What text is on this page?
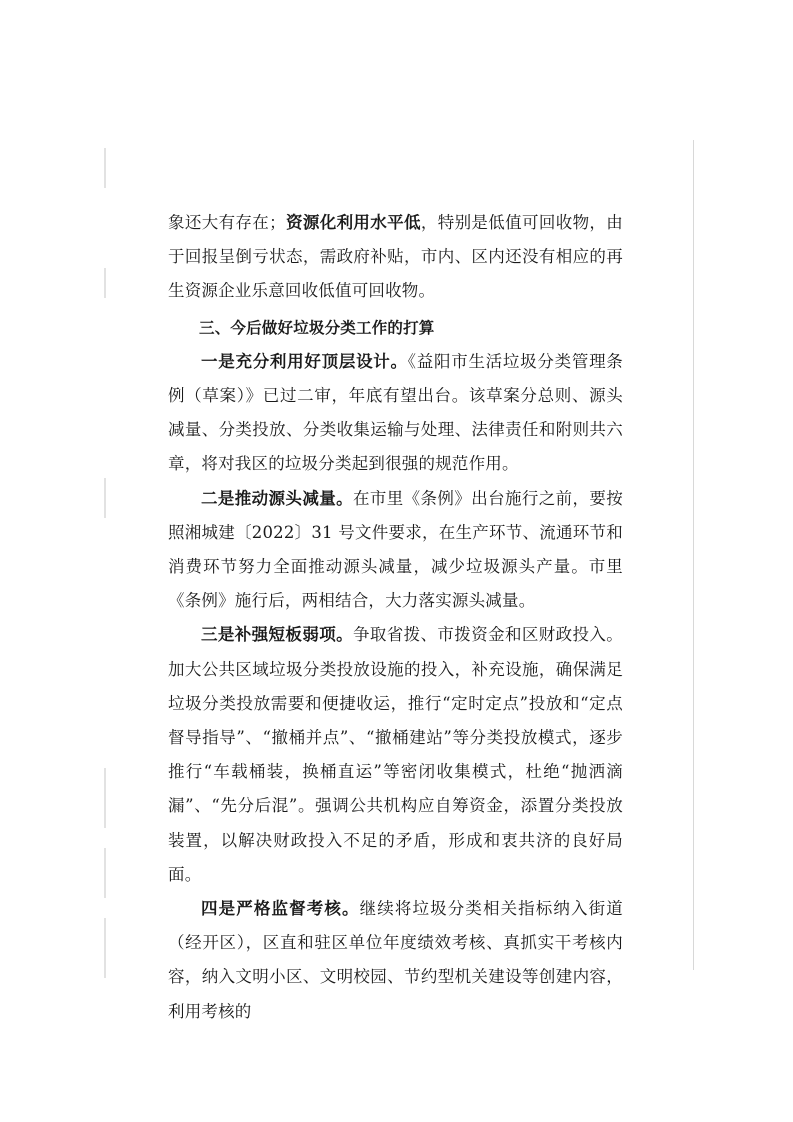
象还大有存在；资源化利用水平低，特别是低值可回收物，由于回报呈倒亏状态，需政府补贴，市内、区内还没有相应的再生资源企业乐意回收低值可回收物。

三、今后做好垃圾分类工作的打算

一是充分利用好顶层设计。《益阳市生活垃圾分类管理条例（草案）》已过二审，年底有望出台。该草案分总则、源头减量、分类投放、分类收集运输与处理、法律责任和附则共六章，将对我区的垃圾分类起到很强的规范作用。

二是推动源头减量。在市里《条例》出台施行之前，要按照湘城建〔2022〕31 号文件要求，在生产环节、流通环节和消费环节努力全面推动源头减量，减少垃圾源头产量。市里《条例》施行后，两相结合，大力落实源头减量。

三是补强短板弱项。争取省拨、市拨资金和区财政投入。加大公共区域垃圾分类投放设施的投入，补充设施，确保满足垃圾分类投放需要和便捷收运，推行“定时定点”投放和“定点督导指导”、“撤桶并点”、“撤桶建站”等分类投放模式，逐步推行“车载桶装，换桶直运”等密闭收集模式，杜绝“抛洒滴漏”、“先分后混”。强调公共机构应自筹资金，添置分类投放装置，以解决财政投入不足的矛盾，形成和衷共济的良好局面。

四是严格监督考核。继续将垃圾分类相关指标纳入街道（经开区），区直和驻区单位年度绩效考核、真抓实干考核内容，纳入文明小区、文明校园、节约型机关建设等创建内容，利用考核的
